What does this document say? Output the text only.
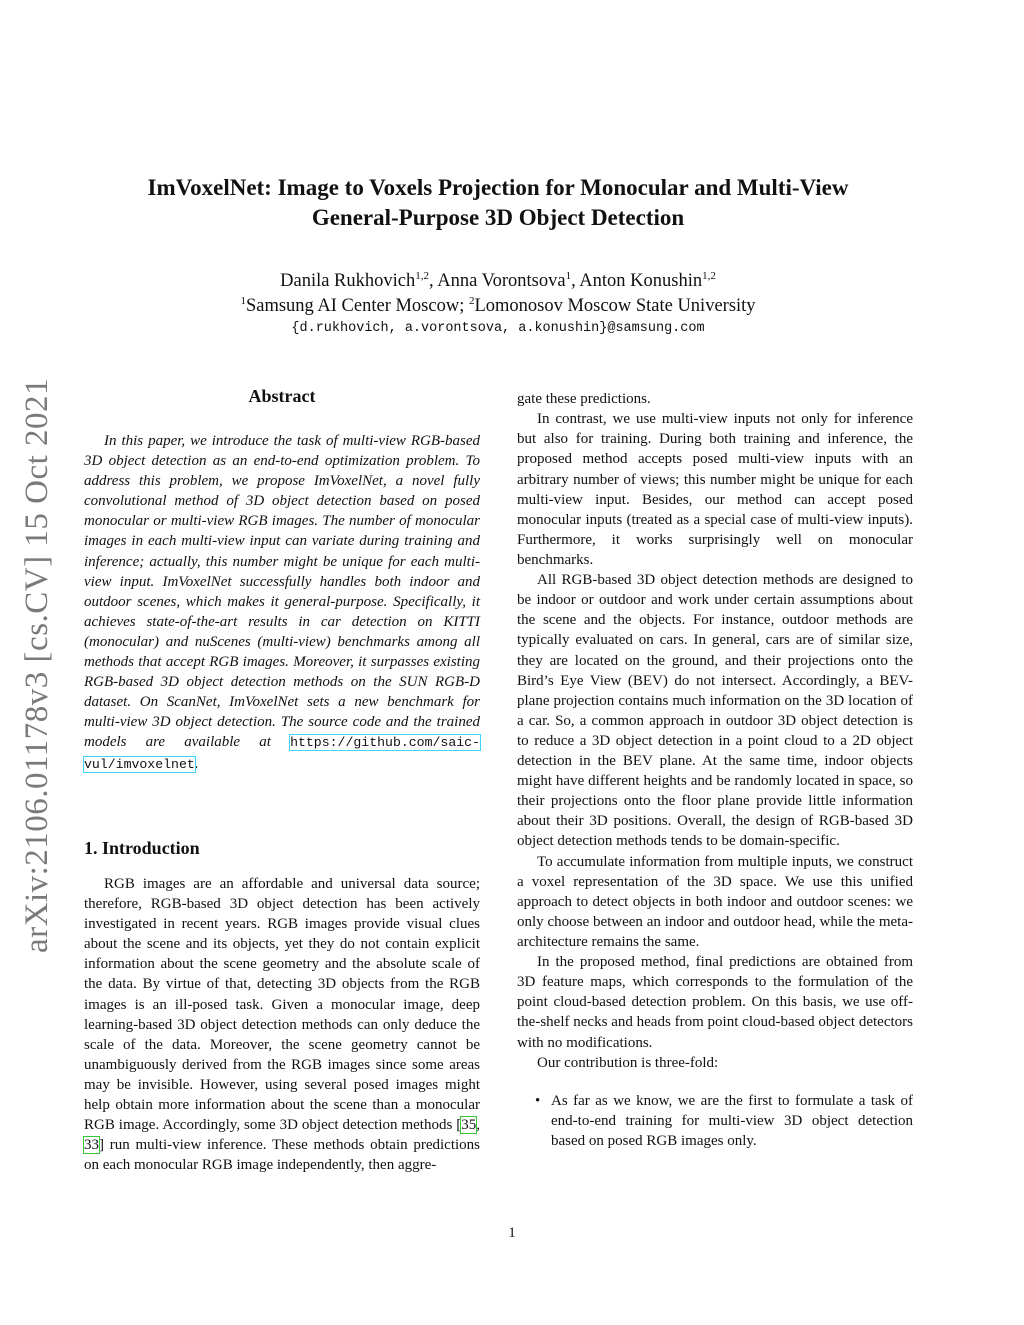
arXiv:2106.01178v3 [cs.CV] 15 Oct 2021
ImVoxelNet: Image to Voxels Projection for Monocular and Multi-View
General-Purpose 3D Object Detection
Danila Rukhovich$^{1,2}$, Anna Vorontsova$^1$, Anton Konushin$^{1,2}$
$^1$Samsung AI Center Moscow; $^2$Lomonosov Moscow State University
{d.rukhovich, a.vorontsova, a.konushin}@samsung.com
Abstract

In this paper, we introduce the task of multi-view RGB-based 3D object detection as an end-to-end optimization problem. To address this problem, we propose ImVoxelNet, a novel fully convolutional method of 3D object detection based on posed monocular or multi-view RGB images. The number of monocular images in each multi-view input can variate during training and inference; actually, this number might be unique for each multi-view input. ImVoxelNet successfully handles both indoor and outdoor scenes, which makes it general-purpose. Specifically, it achieves state-of-the-art results in car detection on KITTI (monocular) and nuScenes (multi-view) benchmarks among all methods that accept RGB images. Moreover, it surpasses existing RGB-based 3D object detection methods on the SUN RGB-D dataset. On ScanNet, ImVoxelNet sets a new benchmark for multi-view 3D object detection. The source code and the trained models are available at https://github.com/saic-vul/imvoxelnet.

1. Introduction

RGB images are an affordable and universal data source; therefore, RGB-based 3D object detection has been actively investigated in recent years. RGB images provide visual clues about the scene and its objects, yet they do not contain explicit information about the scene geometry and the absolute scale of the data. By virtue of that, detecting 3D objects from the RGB images is an ill-posed task. Given a monocular image, deep learning-based 3D object detection methods can only deduce the scale of the data. Moreover, the scene geometry cannot be unambiguously derived from the RGB images since some areas may be invisible. However, using several posed images might help obtain more information about the scene than a monocular RGB image. Accordingly, some 3D object detection methods [35, 33] run multi-view inference. These methods obtain predictions on each monocular RGB image independently, then aggre-

gate these predictions.

In contrast, we use multi-view inputs not only for inference but also for training. During both training and inference, the proposed method accepts posed multi-view inputs with an arbitrary number of views; this number might be unique for each multi-view input. Besides, our method can accept posed monocular inputs (treated as a special case of multi-view inputs). Furthermore, it works surprisingly well on monocular benchmarks.

All RGB-based 3D object detection methods are designed to be indoor or outdoor and work under certain assumptions about the scene and the objects. For instance, outdoor methods are typically evaluated on cars. In general, cars are of similar size, they are located on the ground, and their projections onto the Bird’s Eye View (BEV) do not intersect. Accordingly, a BEV-plane projection contains much information on the 3D location of a car. So, a common approach in outdoor 3D object detection is to reduce a 3D object detection in a point cloud to a 2D object detection in the BEV plane. At the same time, indoor objects might have different heights and be randomly located in space, so their projections onto the floor plane provide little information about their 3D positions. Overall, the design of RGB-based 3D object detection methods tends to be domain-specific.

To accumulate information from multiple inputs, we construct a voxel representation of the 3D space. We use this unified approach to detect objects in both indoor and outdoor scenes: we only choose between an indoor and outdoor head, while the meta-architecture remains the same.

In the proposed method, final predictions are obtained from 3D feature maps, which corresponds to the formulation of the point cloud-based detection problem. On this basis, we use off-the-shelf necks and heads from point cloud-based object detectors with no modifications.

Our contribution is three-fold:

• As far as we know, we are the first to formulate a task of end-to-end training for multi-view 3D object detection based on posed RGB images only.
1
